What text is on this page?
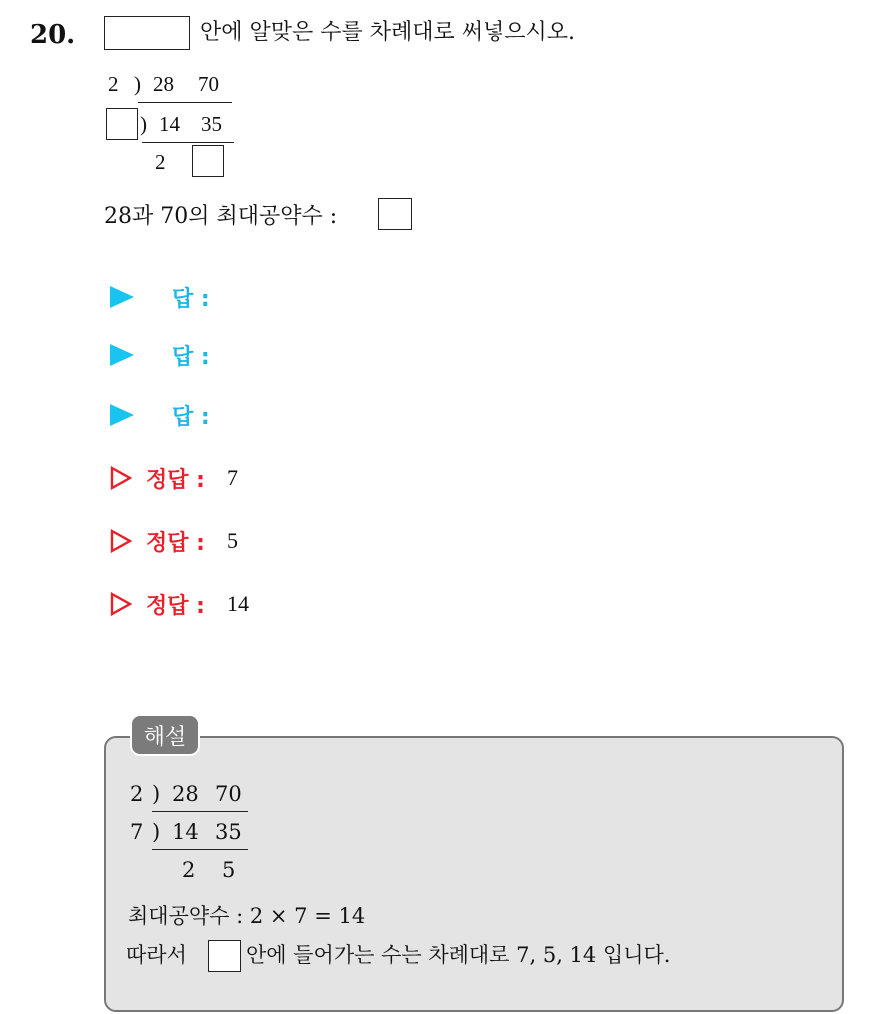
20.	안에 알맞은 수를 차례대로 써넣으시오.
2 ) 28 70
) 14 35
2
28과 70의 최대공약수 :
답 :
답 :
답 :
정답 : 7
정답 : 5
정답 : 14
해설
2 ) 28 70
7 ) 14 35
2 5
최대공약수 : 2 × 7 = 14
따라서	안에 들어가는 수는 차례대로 7, 5, 14 입니다.
